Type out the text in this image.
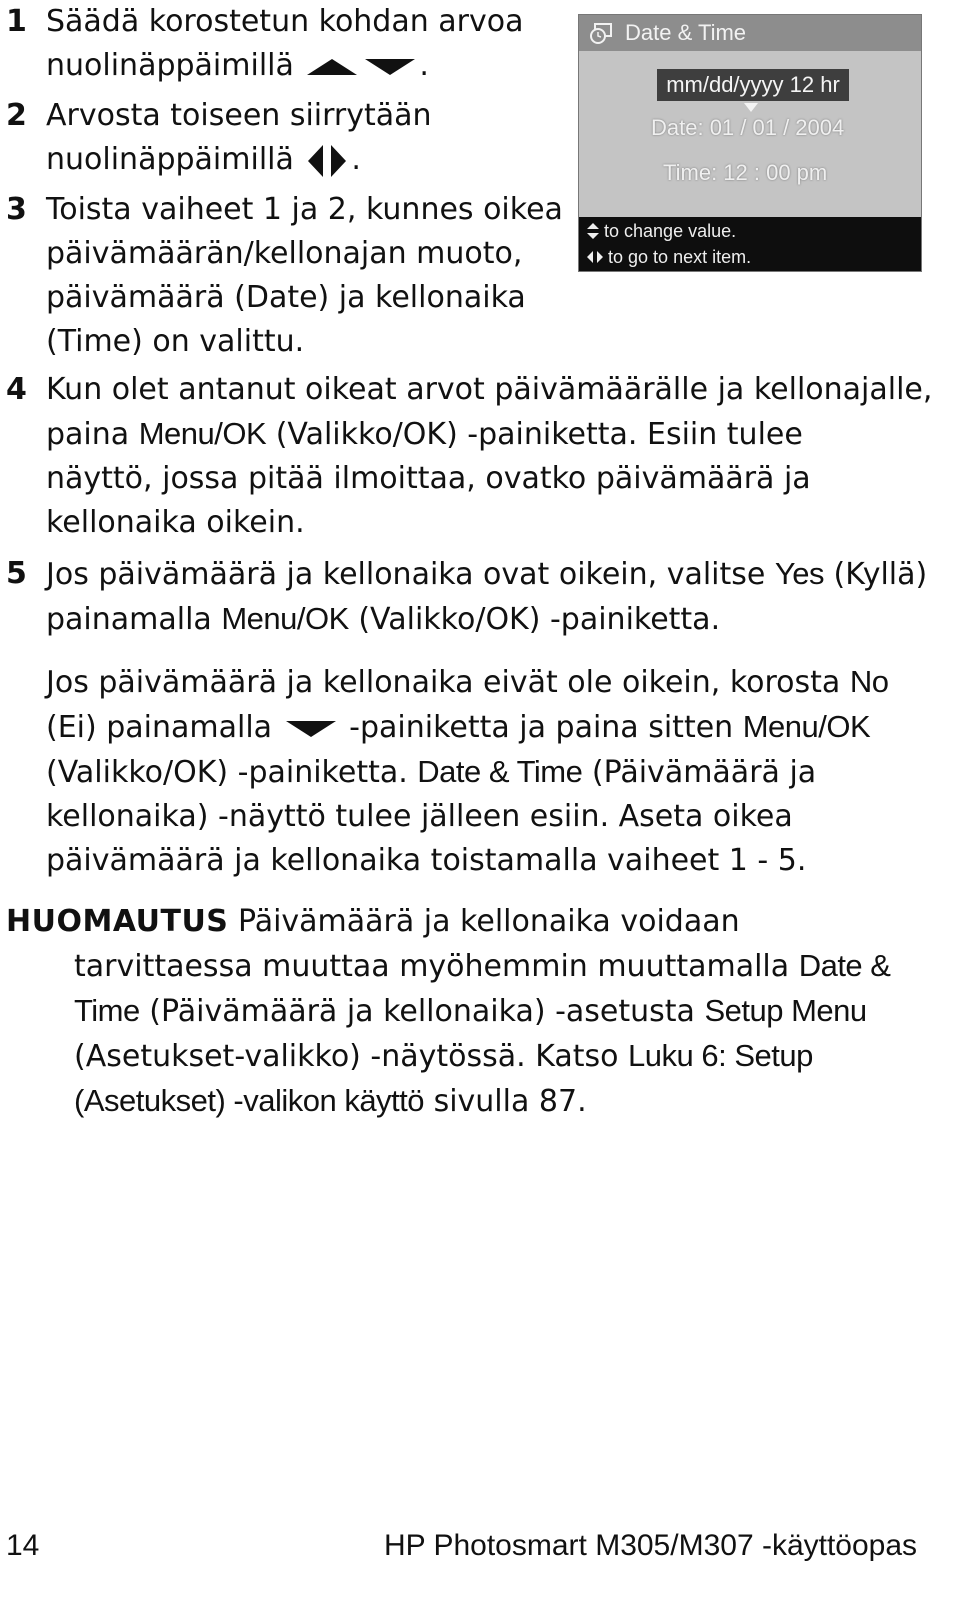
1 Säädä korostetun kohdan arvoa
nuolinäppäimillä	.
2 Arvosta toiseen siirrytään
nuolinäppäimillä .
3 Toista vaiheet 1 ja 2, kunnes oikea
päivämäärän/kellonajan muoto,
päivämäärä (Date) ja kellonaika
(Time) on valittu.
4 Kun olet antanut oikeat arvot päivämäärälle ja kellonajalle,
paina Menu/OK (Valikko/OK) -painiketta. Esiin tulee
näyttö, jossa pitää ilmoittaa, ovatko päivämäärä ja
kellonaika oikein.
5 Jos päivämäärä ja kellonaika ovat oikein, valitse Yes (Kyllä)
painamalla Menu/OK (Valikko/OK) -painiketta.
Jos päivämäärä ja kellonaika eivät ole oikein, korosta No
(Ei) painamalla  -painiketta ja paina sitten Menu/OK
(Valikko/OK) -painiketta. Date & Time (Päivämäärä ja
kellonaika) -näyttö tulee jälleen esiin. Aseta oikea
päivämäärä ja kellonaika toistamalla vaiheet 1 - 5.
HUOMAUTUS Päivämäärä ja kellonaika voidaan
tarvittaessa muuttaa myöhemmin muuttamalla Date &
Time (Päivämäärä ja kellonaika) -asetusta Setup Menu
(Asetukset-valikko) -näytössä. Katso Luku 6: Setup
(Asetukset) -valikon käyttö sivulla 87.
Date & Time
mm/dd/yyyy 12 hr
Date: 01 / 01 / 2004
Time: 12 : 00 pm
to change value.
to go to next item.
14	HP Photosmart M305/M307 -käyttöopas
